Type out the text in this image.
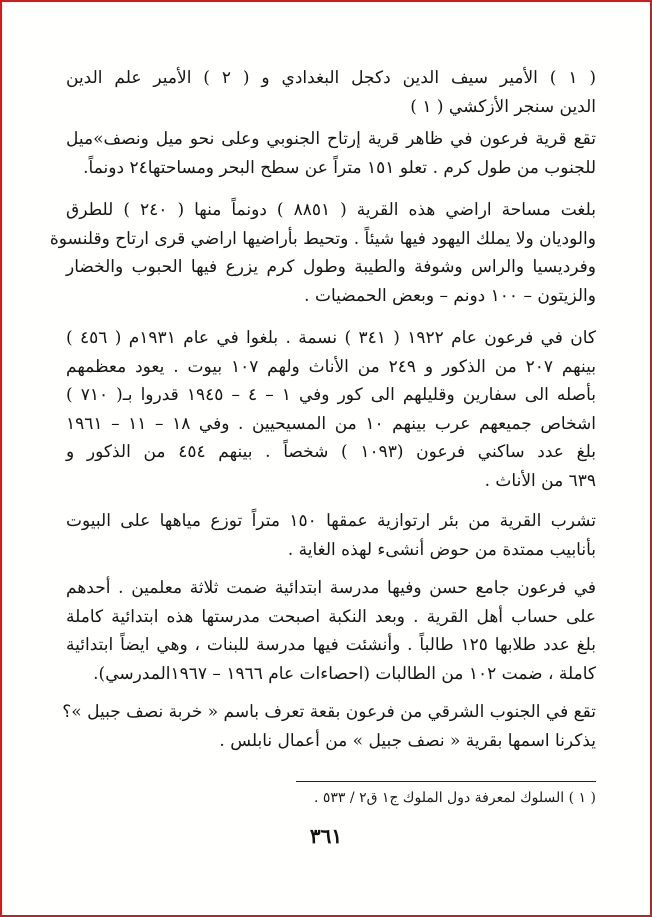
( ١ ) الأمير سيف الدين دكجل البغدادي و ( ٢ ) الأمير علم الدين
الدين سنجر الأزكشي ( ١ )
تقع قرية فرعون في ظاهر قرية إرتاح الجنوبي وعلى نحو ميل ونصف»ميل
للجنوب من طول كرم . تعلو ١٥١ متراً عن سطح البحر ومساحتها٢٤ دونماً.
بلغت مساحة اراضي هذه القرية ( ٨٨٥١ ) دونماً منها ( ٢٤٠ ) للطرق
والوديان ولا يملك اليهود فيها شيئاً . وتحيط بأراضيها اراضي قرى ارتاح وقلنسوة
وفرديسيا والراس وشوفة والطيبة وطول كرم يزرع فيها الحبوب والخضار
والزيتون – ١٠٠ دونم – وبعض الحمضيات .
كان في فرعون عام ١٩٢٢ ( ٣٤١ ) نسمة . بلغوا في عام ١٩٣١م ( ٤٥٦ )
بينهم ٢٠٧ من الذكور و ٢٤٩ من الأناث ولهم ١٠٧ بيوت . يعود معظمهم
بأصله الى سفارين وقليلهم الى كور وفي ١ – ٤ – ١٩٤٥ قدروا بـ( ٧١٠ )
اشخاص جميعهم عرب بينهم ١٠ من المسيحيين . وفي ١٨ – ١١ – ١٩٦١
بلغ عدد ساكني فرعون (١٠٩٣ ) شخصاً . بينهم ٤٥٤ من الذكور و
٦٣٩ من الأناث .
تشرب القرية من بئر ارتوازية عمقها ١٥٠ متراً توزع مياهها على البيوت
بأنابيب ممتدة من حوض أنشىء لهذه الغاية .
في فرعون جامع حسن وفيها مدرسة ابتدائية ضمت ثلاثة معلمين . أحدهم
على حساب أهل القرية . وبعد النكبة اصبحت مدرستها هذه ابتدائية كاملة
بلغ عدد طلابها ١٢٥ طالباً . وأنشئت فيها مدرسة للبنات ، وهي ايضاً ابتدائية
كاملة ، ضمت ١٠٢ من الطالبات (احصاءات عام ١٩٦٦ – ١٩٦٧المدرسي).
تقع في الجنوب الشرقي من فرعون بقعة تعرف باسم « خربة نصف جبيل »؟
يذكرنا اسمها بقرية « نصف جبيل » من أعمال نابلس .
( ١ ) السلوك لمعرفة دول الملوك ج١ ق٢ / ٥٣٣ .
٣٦١
